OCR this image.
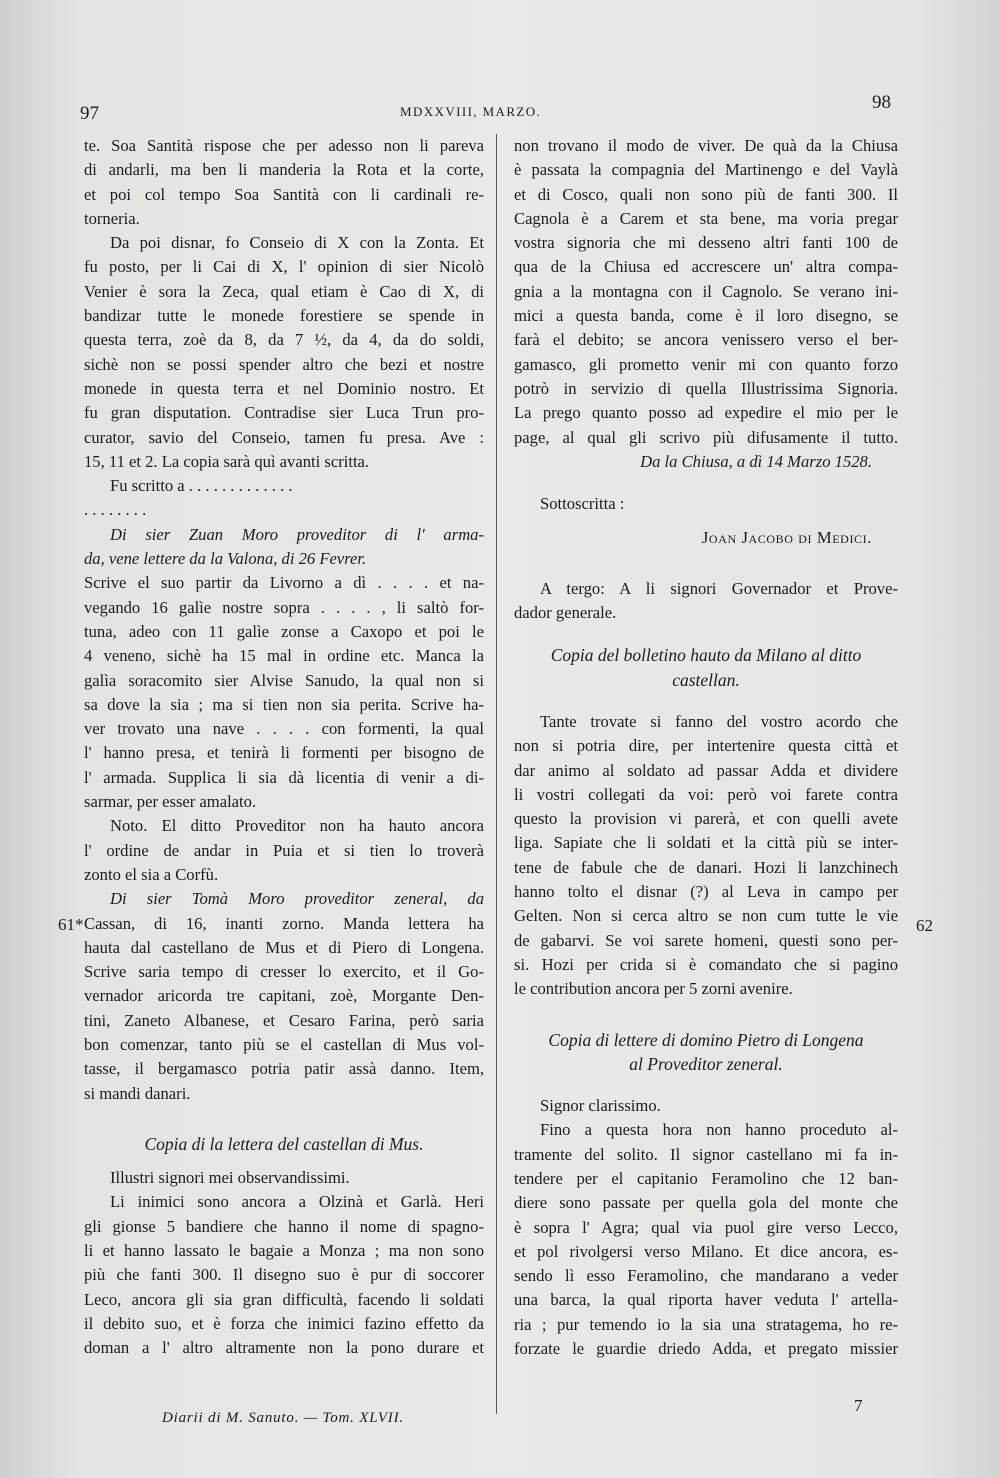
97	MDXXVIII, MARZO.	98
61*	62

te. Soa Santità rispose che per adesso non li pareva

di andarli, ma ben li manderia la Rota et la corte,

et poi col tempo Soa Santità con li cardinali re-

torneria.

Da poi disnar, fo Conseio di X con la Zonta. Et

fu posto, per li Cai di X, l' opinion di sier Nicolò

Venier è sora la Zeca, qual etiam è Cao di X, di

bandizar tutte le monede forestiere se spende in

questa terra, zoè da 8, da 7 ½, da 4, da do soldi,

sichè non se possi spender altro che bezi et nostre

monede in questa terra et nel Dominio nostro. Et

fu gran disputation. Contradise sier Luca Trun pro-

curator, savio del Conseio, tamen fu presa. Ave :

15, 11 et 2. La copia sarà quì avanti scritta.

Fu scritto a . . . . . . . . . . . . .

. . . . . . . .

Di sier Zuan Moro proveditor di l' arma-

da, vene lettere da la Valona, di 26 Fevrer.

Scrive el suo partir da Livorno a dì . . . . et na-

vegando 16 galìe nostre sopra . . . . , li saltò for-

tuna, adeo con 11 galìe zonse a Caxopo et poi le

4 veneno, sichè ha 15 mal in ordine etc. Manca la

galìa soracomito sier Alvise Sanudo, la qual non si

sa dove la sia ; ma si tien non sia perita. Scrive ha-

ver trovato una nave . . . . con formenti, la qual

l' hanno presa, et tenirà li formenti per bisogno de

l' armada. Supplica li sia dà licentia di venir a di-

sarmar, per esser amalato.

Noto. El ditto Proveditor non ha hauto ancora

l' ordine de andar in Puia et si tien lo troverà

zonto el sia a Corfù.

Di sier Tomà Moro proveditor zeneral, da

Cassan, di 16, inanti zorno. Manda lettera ha

hauta dal castellano de Mus et di Piero di Longena.

Scrive saria tempo di cresser lo exercito, et il Go-

vernador aricorda tre capitani, zoè, Morgante Den-

tini, Zaneto Albanese, et Cesaro Farina, però saria

bon comenzar, tanto più se el castellan di Mus vol-

tasse, il bergamasco potria patir assà danno. Item,

si mandi danari.

Copia di la lettera del castellan di Mus.

Illustri signori mei observandissimi.

Li inimici sono ancora a Olzinà et Garlà. Heri

gli gionse 5 bandiere che hanno il nome di spagno-

li et hanno lassato le bagaie a Monza ; ma non sono

più che fanti 300. Il disegno suo è pur di soccorer

Leco, ancora gli sia gran difficultà, facendo li soldati

il debito suo, et è forza che inimici fazino effetto da

doman a l' altro altramente non la pono durare et

non trovano il modo de viver. De quà da la Chiusa

è passata la compagnia del Martinengo e del Vaylà

et di Cosco, quali non sono più de fanti 300. Il

Cagnola è a Carem et sta bene, ma voria pregar

vostra signoria che mi desseno altri fanti 100 de

qua de la Chiusa ed accrescere un' altra compa-

gnia a la montagna con il Cagnolo. Se verano ini-

mici a questa banda, come è il loro disegno, se

farà el debito; se ancora venissero verso el ber-

gamasco, gli prometto venir mi con quanto forzo

potrò in servizio di quella Illustrissima Signoria.

La prego quanto posso ad expedire el mio per le

page, al qual gli scrivo più difusamente il tutto.

Da la Chiusa, a dì 14 Marzo 1528.

Sottoscritta :

Joan Jacobo di Medici.

A tergo: A li signori Governador et Prove-

dador generale.

Copia del bolletino hauto da Milano al ditto

castellan.

Tante trovate si fanno del vostro acordo che

non si potria dire, per intertenire questa città et

dar animo al soldato ad passar Adda et dividere

li vostri collegati da voi: però voi farete contra

questo la provision vi parerà, et con quelli avete

liga. Sapiate che li soldati et la città più se inter-

tene de fabule che de danari. Hozi li lanzchinech

hanno tolto el disnar (?) al Leva in campo per

Gelten. Non si cerca altro se non cum tutte le vie

de gabarvi. Se voi sarete homeni, questi sono per-

si. Hozi per crida si è comandato che si pagino

le contribution ancora per 5 zorni avenire.

Copia di lettere di domino Pietro di Longena

al Proveditor zeneral.

Signor clarissimo.

Fino a questa hora non hanno proceduto al-

tramente del solito. Il signor castellano mi fa in-

tendere per el capitanio Feramolino che 12 ban-

diere sono passate per quella gola del monte che

è sopra l' Agra; qual via puol gire verso Lecco,

et pol rivolgersi verso Milano. Et dice ancora, es-

sendo lì esso Feramolino, che mandarano a veder

una barca, la qual riporta haver veduta l' artella-

ria ; pur temendo io la sia una stratagema, ho re-

forzate le guardie driedo Adda, et pregato missier

Diarii di M. Sanuto. — Tom. XLVII.
7
